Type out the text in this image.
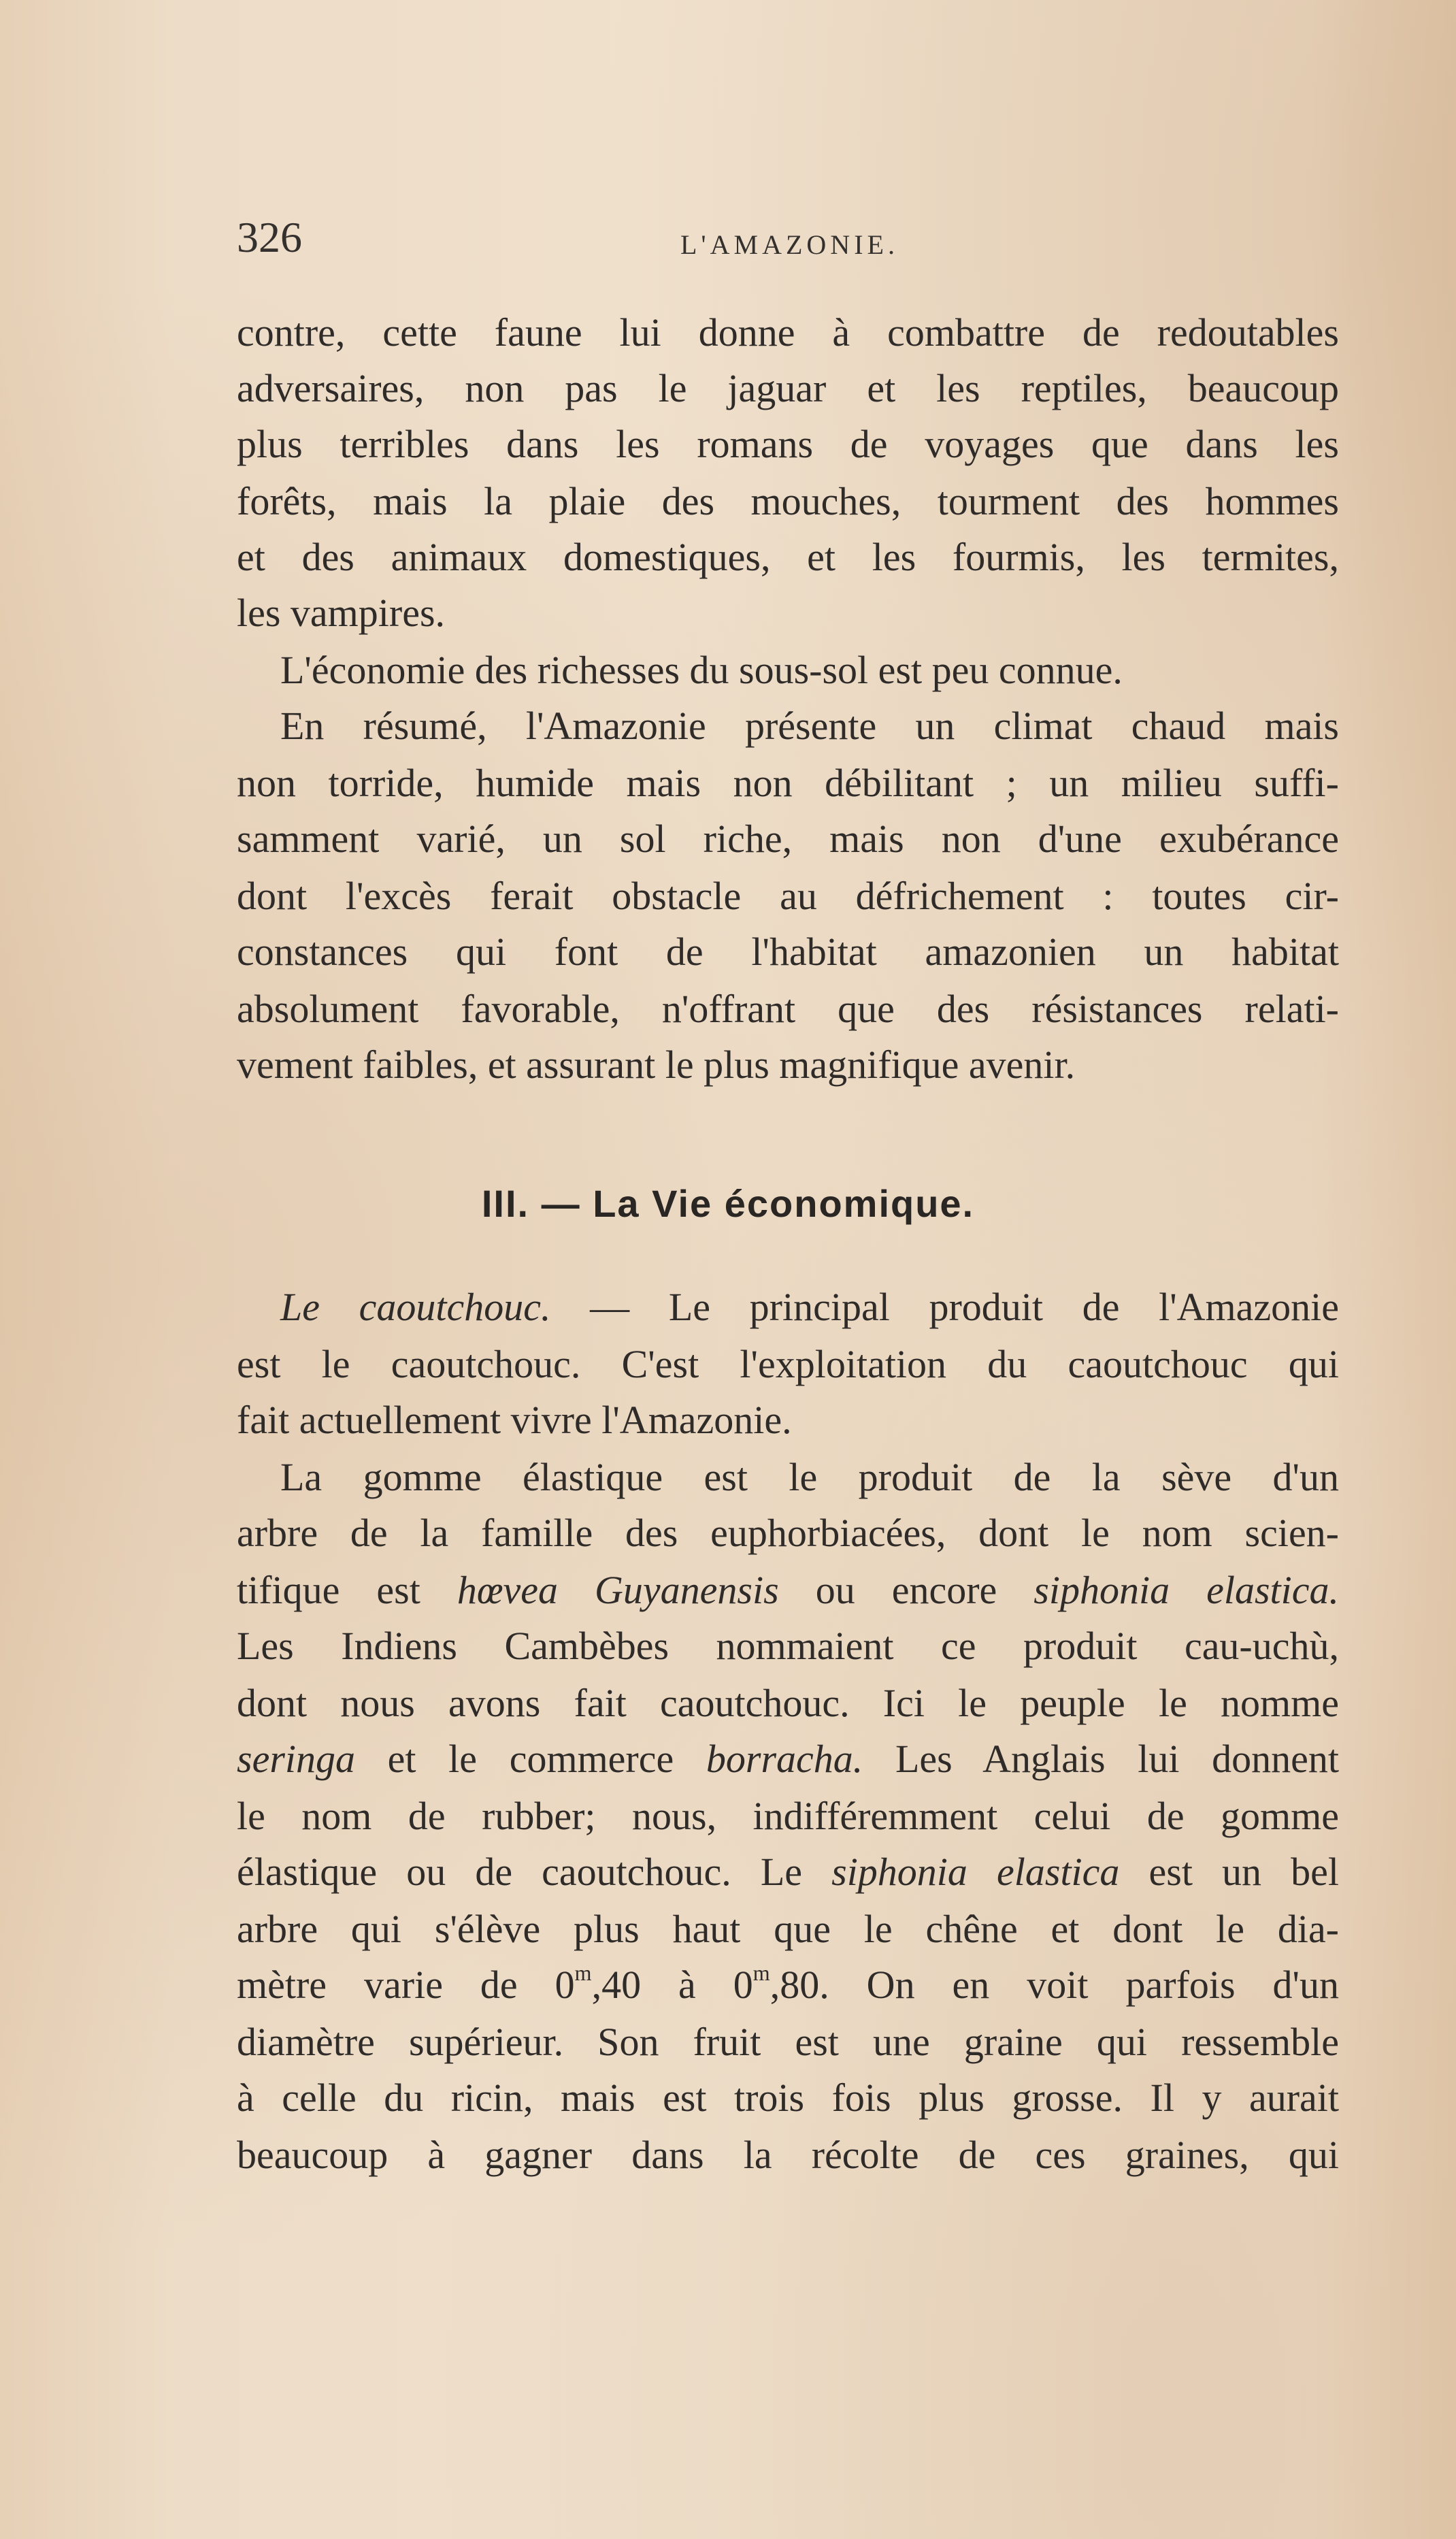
326	L'AMAZONIE.
contre, cette faune lui donne à combattre de redoutables
adversaires, non pas le jaguar et les reptiles, beaucoup
plus terribles dans les romans de voyages que dans les
forêts, mais la plaie des mouches, tourment des hommes
et des animaux domestiques, et les fourmis, les termites,
les vampires.
L'économie des richesses du sous-sol est peu connue.
En résumé, l'Amazonie présente un climat chaud mais
non torride, humide mais non débilitant ; un milieu suffi-
samment varié, un sol riche, mais non d'une exubérance
dont l'excès ferait obstacle au défrichement : toutes cir-
constances qui font de l'habitat amazonien un habitat
absolument favorable, n'offrant que des résistances relati-
vement faibles, et assurant le plus magnifique avenir.
III. — La Vie économique.
Le caoutchouc. — Le principal produit de l'Amazonie
est le caoutchouc. C'est l'exploitation du caoutchouc qui
fait actuellement vivre l'Amazonie.
La gomme élastique est le produit de la sève d'un
arbre de la famille des euphorbiacées, dont le nom scien-
tifique est hœvea Guyanensis ou encore siphonia elastica.
Les Indiens Cambèbes nommaient ce produit cau-uchù,
dont nous avons fait caoutchouc. Ici le peuple le nomme
seringa et le commerce borracha. Les Anglais lui donnent
le nom de rubber; nous, indifféremment celui de gomme
élastique ou de caoutchouc. Le siphonia elastica est un bel
arbre qui s'élève plus haut que le chêne et dont le dia-
mètre varie de 0$^m$,40 à 0$^m$,80. On en voit parfois d'un
diamètre supérieur. Son fruit est une graine qui ressemble
à celle du ricin, mais est trois fois plus grosse. Il y aurait
beaucoup à gagner dans la récolte de ces graines, qui
